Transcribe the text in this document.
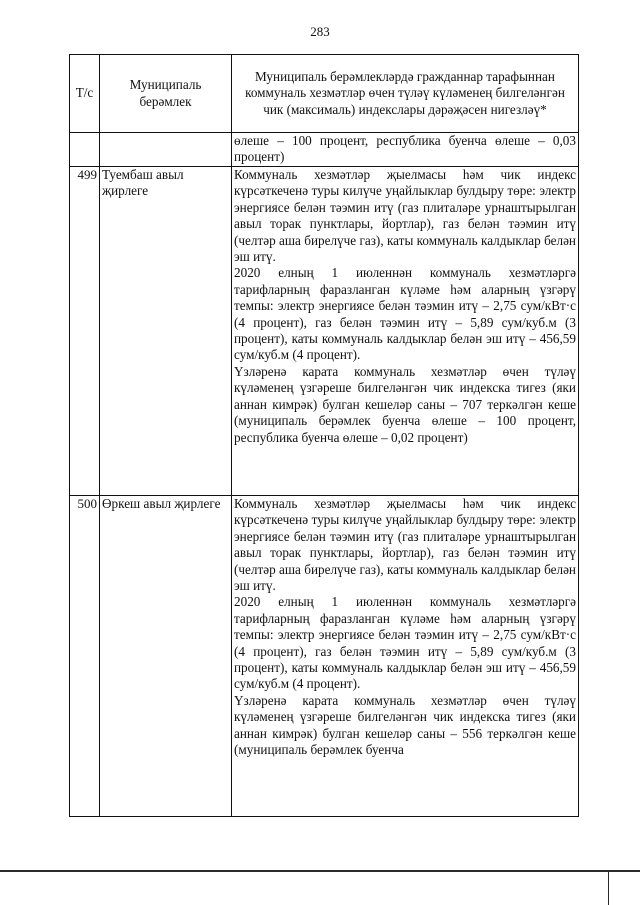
283
Т/с	Муниципаль берәмлек	Муниципаль берәмлекләрдә гражданнар тарафыннан коммуналь хезмәтләр өчен түләү күләменең билгеләнгән чик (максималь) индекслары дәрәҗәсен нигезләү*

		өлеше – 100 процент, республика буенча өлеше – 0,03 процент)

499	Туембаш авыл җирлеге	Коммуналь хезмәтләр җыелмасы һәм чик индекс күрсәткеченә туры килүче уңайлыклар булдыру төре: электр энергиясе белән тәэмин итү (газ плиталәре урнаштырылган авыл торак пунктлары, йортлар), газ белән тәэмин итү (челтәр аша бирелүче газ), каты коммуналь калдыклар белән эш итү.

2020 елның 1 июленнән коммуналь хезмәтләргә тарифларның фаразланган күләме һәм аларның үзгәрү темпы: электр энергиясе белән тәэмин итү – 2,75 сум/кВт·с (4 процент), газ белән тәэмин итү – 5,89 сум/куб.м (3 процент), каты коммуналь калдыклар белән эш итү – 456,59 сум/куб.м (4 процент).

Үзләренә карата коммуналь хезмәтләр өчен түләү күләменең үзгәреше билгеләнгән чик индекска тигез (яки аннан кимрәк) булган кешеләр саны – 707 теркәлгән кеше (муниципаль берәмлек буенча өлеше – 100 процент, республика буенча өлеше – 0,02 процент)

500	Өркеш авыл җирлеге	Коммуналь хезмәтләр җыелмасы һәм чик индекс күрсәткеченә туры килүче уңайлыклар булдыру төре: электр энергиясе белән тәэмин итү (газ плиталәре урнаштырылган авыл торак пунктлары, йортлар), газ белән тәэмин итү (челтәр аша бирелүче газ), каты коммуналь калдыклар белән эш итү.

2020 елның 1 июленнән коммуналь хезмәтләргә тарифларның фаразланган күләме һәм аларның үзгәрү темпы: электр энергиясе белән тәэмин итү – 2,75 сум/кВт·с (4 процент), газ белән тәэмин итү – 5,89 сум/куб.м (3 процент), каты коммуналь калдыклар белән эш итү – 456,59 сум/куб.м (4 процент).

Үзләренә карата коммуналь хезмәтләр өчен түләү күләменең үзгәреше билгеләнгән чик индекска тигез (яки аннан кимрәк) булган кешеләр саны – 556 теркәлгән кеше (муниципаль берәмлек буенча
